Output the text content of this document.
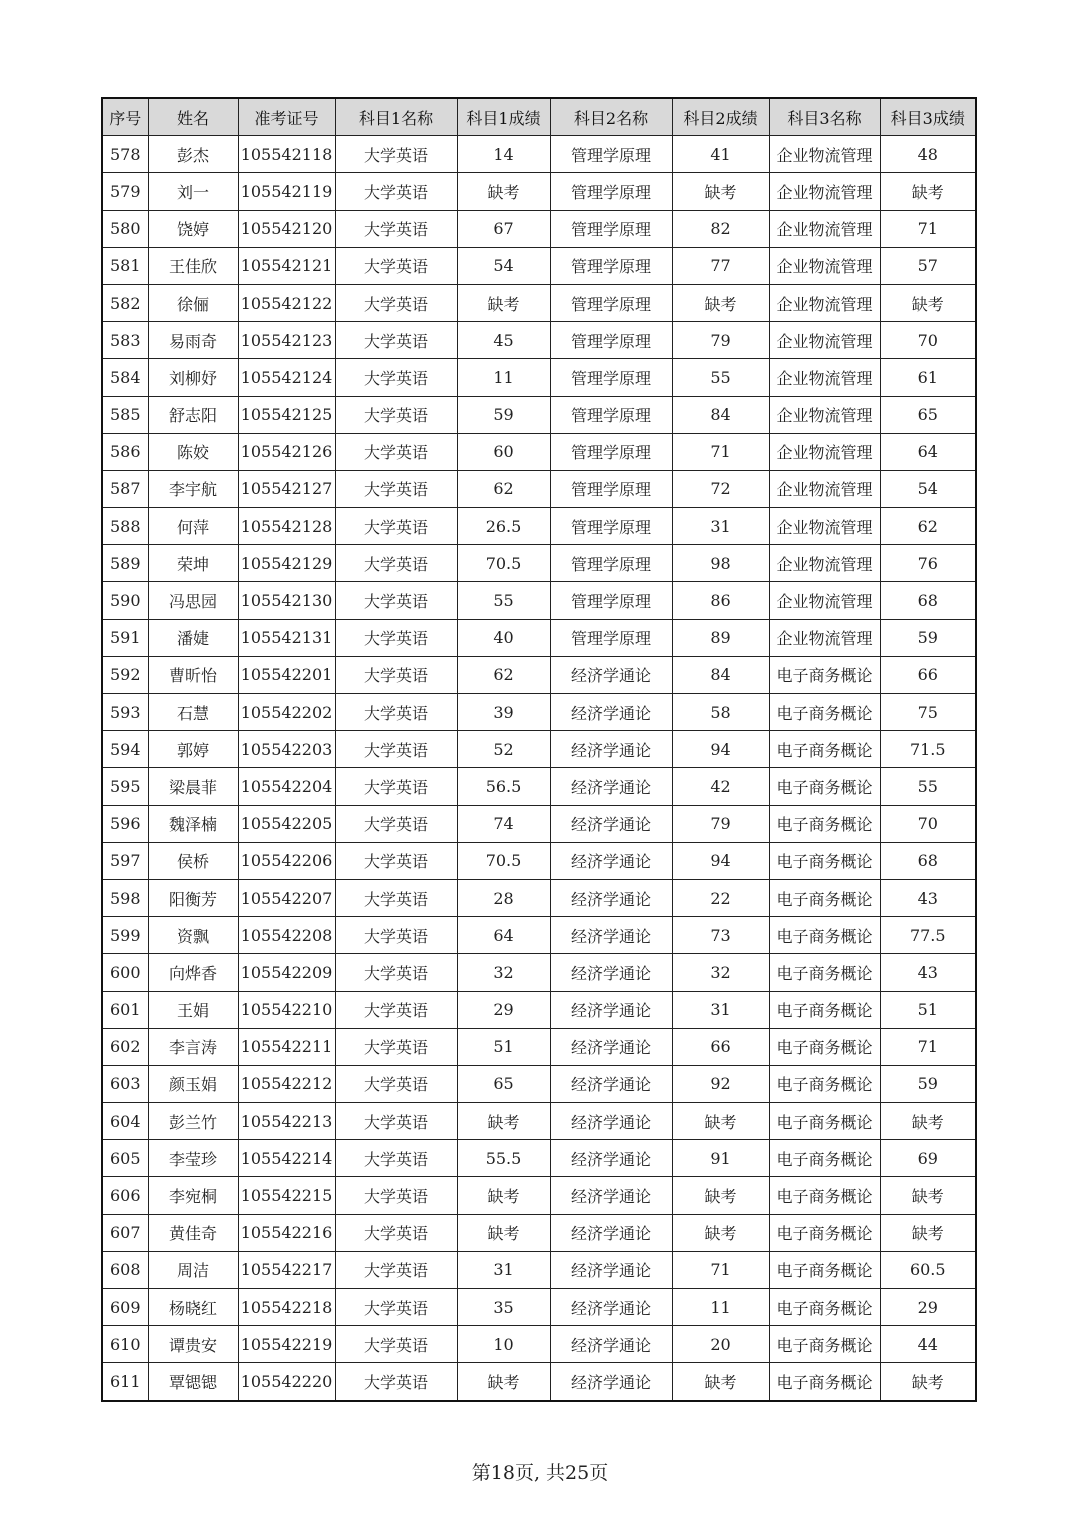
序号	姓名	准考证号	科目1名称	科目1成绩	科目2名称	科目2成绩	科目3名称	科目3成绩
578	彭杰	105542118	大学英语	14	管理学原理	41	企业物流管理	48
579	刘一	105542119	大学英语	缺考	管理学原理	缺考	企业物流管理	缺考
580	饶婷	105542120	大学英语	67	管理学原理	82	企业物流管理	71
581	王佳欣	105542121	大学英语	54	管理学原理	77	企业物流管理	57
582	徐俪	105542122	大学英语	缺考	管理学原理	缺考	企业物流管理	缺考
583	易雨奇	105542123	大学英语	45	管理学原理	79	企业物流管理	70
584	刘柳妤	105542124	大学英语	11	管理学原理	55	企业物流管理	61
585	舒志阳	105542125	大学英语	59	管理学原理	84	企业物流管理	65
586	陈姣	105542126	大学英语	60	管理学原理	71	企业物流管理	64
587	李宇航	105542127	大学英语	62	管理学原理	72	企业物流管理	54
588	何萍	105542128	大学英语	26.5	管理学原理	31	企业物流管理	62
589	荣坤	105542129	大学英语	70.5	管理学原理	98	企业物流管理	76
590	冯思园	105542130	大学英语	55	管理学原理	86	企业物流管理	68
591	潘婕	105542131	大学英语	40	管理学原理	89	企业物流管理	59
592	曹昕怡	105542201	大学英语	62	经济学通论	84	电子商务概论	66
593	石慧	105542202	大学英语	39	经济学通论	58	电子商务概论	75
594	郭婷	105542203	大学英语	52	经济学通论	94	电子商务概论	71.5
595	梁晨菲	105542204	大学英语	56.5	经济学通论	42	电子商务概论	55
596	魏泽楠	105542205	大学英语	74	经济学通论	79	电子商务概论	70
597	侯桥	105542206	大学英语	70.5	经济学通论	94	电子商务概论	68
598	阳衡芳	105542207	大学英语	28	经济学通论	22	电子商务概论	43
599	资飘	105542208	大学英语	64	经济学通论	73	电子商务概论	77.5
600	向烨香	105542209	大学英语	32	经济学通论	32	电子商务概论	43
601	王娟	105542210	大学英语	29	经济学通论	31	电子商务概论	51
602	李言涛	105542211	大学英语	51	经济学通论	66	电子商务概论	71
603	颜玉娟	105542212	大学英语	65	经济学通论	92	电子商务概论	59
604	彭兰竹	105542213	大学英语	缺考	经济学通论	缺考	电子商务概论	缺考
605	李莹珍	105542214	大学英语	55.5	经济学通论	91	电子商务概论	69
606	李宛桐	105542215	大学英语	缺考	经济学通论	缺考	电子商务概论	缺考
607	黄佳奇	105542216	大学英语	缺考	经济学通论	缺考	电子商务概论	缺考
608	周洁	105542217	大学英语	31	经济学通论	71	电子商务概论	60.5
609	杨晓红	105542218	大学英语	35	经济学通论	11	电子商务概论	29
610	谭贵安	105542219	大学英语	10	经济学通论	20	电子商务概论	44
611	覃锶锶	105542220	大学英语	缺考	经济学通论	缺考	电子商务概论	缺考
第18页, 共25页
